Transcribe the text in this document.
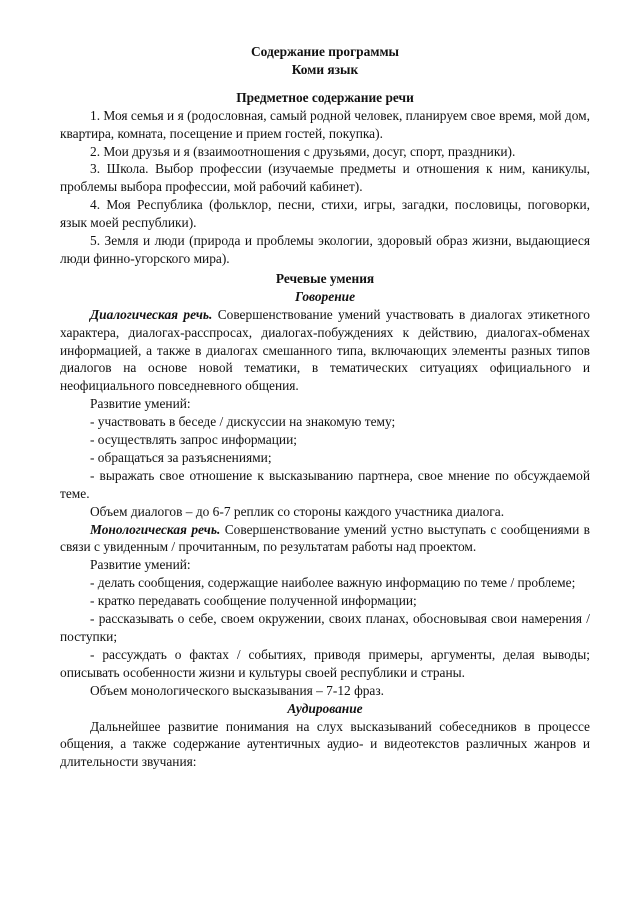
Содержание программы
Коми язык
Предметное содержание речи

1. Моя семья и я (родословная, самый родной человек, планируем свое время, мой дом, квартира, комната, посещение и прием гостей, покупка).

2. Мои друзья и я (взаимоотношения с друзьями, досуг, спорт, праздники).

3. Школа. Выбор профессии (изучаемые предметы и отношения к ним, каникулы, проблемы выбора профессии, мой рабочий кабинет).

4. Моя Республика (фольклор, песни, стихи, игры, загадки, пословицы, поговорки, язык моей республики).

5. Земля и люди (природа и проблемы экологии, здоровый образ жизни, выдающиеся люди финно-угорского мира).

Речевые умения
Говорение

Диалогическая речь. Совершенствование умений участвовать в диалогах этикетного характера, диалогах-расспросах, диалогах-побуждениях к действию, диалогах-обменах информацией, а также в диалогах смешанного типа, включающих элементы разных типов диалогов на основе новой тематики, в тематических ситуациях официального и неофициального повседневного общения.

Развитие умений:

- участвовать в беседе / дискуссии на знакомую тему;

- осуществлять запрос информации;

- обращаться за разъяснениями;

- выражать свое отношение к высказыванию партнера, свое мнение по обсуждаемой теме.

Объем диалогов – до 6-7 реплик со стороны каждого участника диалога.

Монологическая речь. Совершенствование умений устно выступать с сообщениями в связи с увиденным / прочитанным, по результатам работы над проектом.

Развитие умений:

- делать сообщения, содержащие наиболее важную информацию по теме / проблеме;

- кратко передавать сообщение полученной информации;

- рассказывать о себе, своем окружении, своих планах, обосновывая свои намерения / поступки;

- рассуждать о фактах / событиях, приводя примеры, аргументы, делая выводы; описывать особенности жизни и культуры своей республики и страны.

Объем монологического высказывания – 7-12 фраз.

Аудирование

Дальнейшее развитие понимания на слух высказываний собеседников в процессе общения, а также содержание аутентичных аудио- и видеотекстов различных жанров и длительности звучания:
